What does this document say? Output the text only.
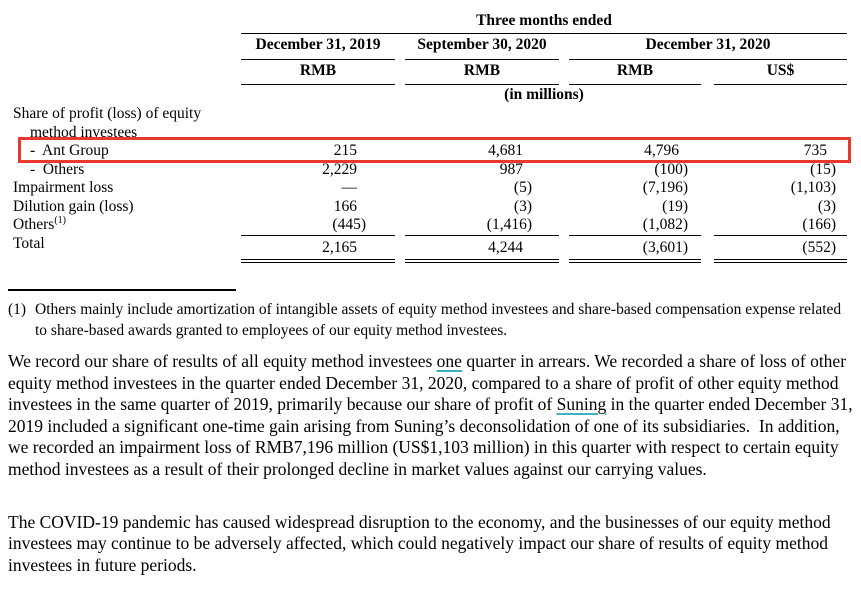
Three months ended
December 31, 2019	September 30, 2020	December 31, 2020
RMB	RMB	RMB	US$
(in millions)
Share of profit (loss) of equity
method investees
-  Ant Group	215	4,681	4,796	735
-  Others	2,229	987	(100)	(15)
Impairment loss	—	(5)	(7,196)	(1,103)
Dilution gain (loss)	166	(3)	(19)	(3)
Others$^{(1)}$	(445)	(1,416)	(1,082)	(166)
Total	2,165	4,244	(3,601)	(552)
(1) Others mainly include amortization of intangible assets of equity method investees and share-based compensation expense related to share-based awards granted to employees of our equity method investees.
We record our share of results of all equity method investees one quarter in arrears. We recorded a share of loss of other equity method investees in the quarter ended December 31, 2020, compared to a share of profit of other equity method investees in the same quarter of 2019, primarily because our share of profit of Suning in the quarter ended December 31, 2019 included a significant one-time gain arising from Suning’s deconsolidation of one of its subsidiaries.  In addition, we recorded an impairment loss of RMB7,196 million (US$1,103 million) in this quarter with respect to certain equity method investees as a result of their prolonged decline in market values against our carrying values.
The COVID-19 pandemic has caused widespread disruption to the economy, and the businesses of our equity method investees may continue to be adversely affected, which could negatively impact our share of results of equity method investees in future periods.
